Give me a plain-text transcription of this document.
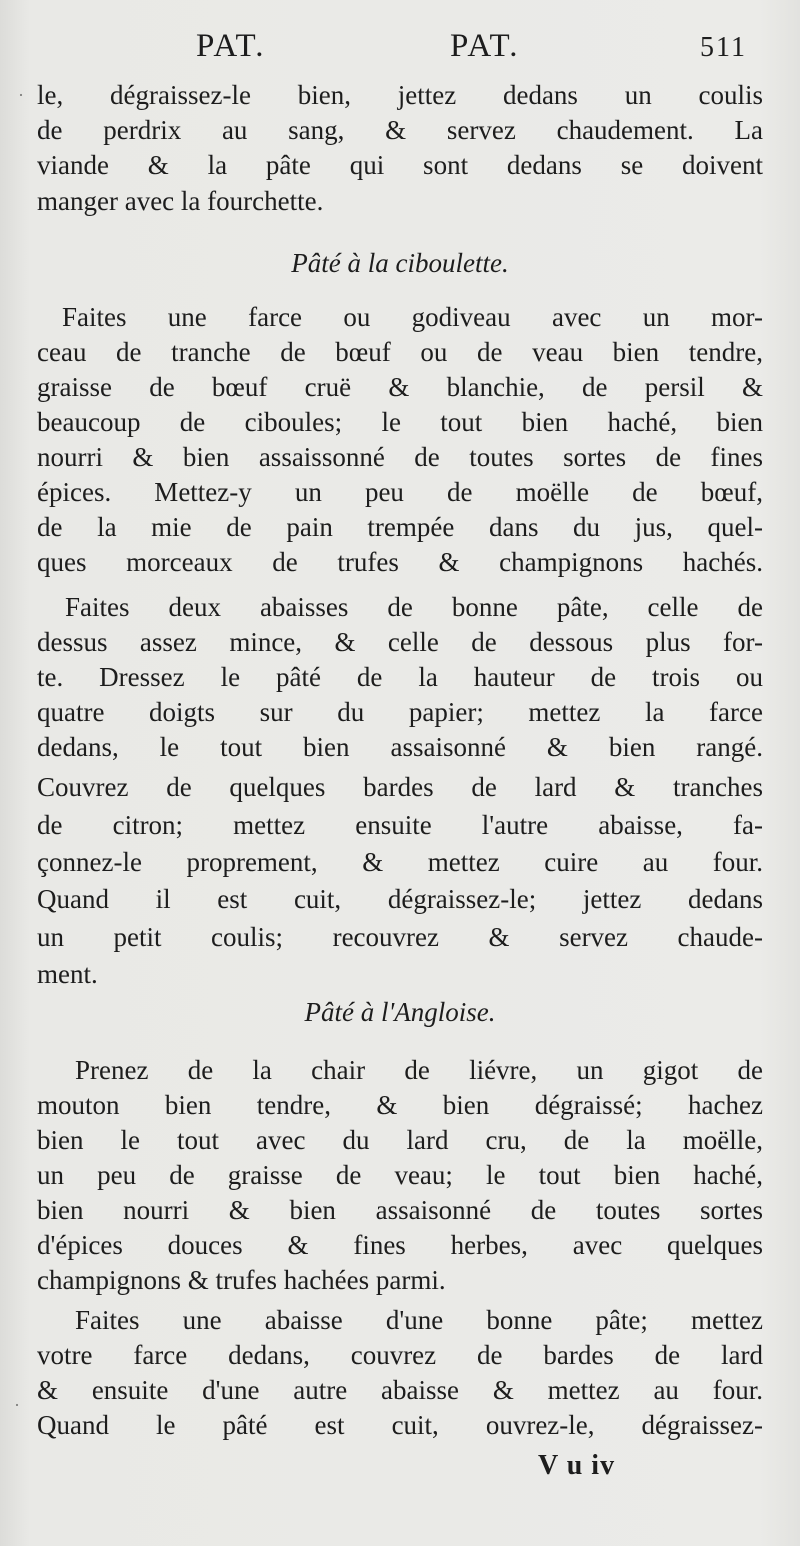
PAT.	PAT.	511
le, dégraissez-le bien, jettez dedans un coulis
de perdrix au sang, & servez chaudement. La
viande & la pâte qui sont dedans se doivent
manger avec la fourchette.
Pâté à la ciboulette.
Faites une farce ou godiveau avec un mor-
ceau de tranche de bœuf ou de veau bien tendre,
graisse de bœuf cruë & blanchie, de persil &
beaucoup de ciboules; le tout bien haché, bien
nourri & bien assaissonné de toutes sortes de fines
épices. Mettez-y un peu de moëlle de bœuf,
de la mie de pain trempée dans du jus, quel-
ques morceaux de trufes & champignons hachés.
Faites deux abaisses de bonne pâte, celle de
dessus assez mince, & celle de dessous plus for-
te. Dressez le pâté de la hauteur de trois ou
quatre doigts sur du papier; mettez la farce
dedans, le tout bien assaisonné & bien rangé.
Couvrez de quelques bardes de lard & tranches
de citron; mettez ensuite l'autre abaisse, fa-
çonnez-le proprement, & mettez cuire au four.
Quand il est cuit, dégraissez-le; jettez dedans
un petit coulis; recouvrez & servez chaude-
ment.
Pâté à l'Angloise.
Prenez de la chair de liévre, un gigot de
mouton bien tendre, & bien dégraissé; hachez
bien le tout avec du lard cru, de la moëlle,
un peu de graisse de veau; le tout bien haché,
bien nourri & bien assaisonné de toutes sortes
d'épices douces & fines herbes, avec quelques
champignons & trufes hachées parmi.
Faites une abaisse d'une bonne pâte; mettez
votre farce dedans, couvrez de bardes de lard
& ensuite d'une autre abaisse & mettez au four.
Quand le pâté est cuit, ouvrez-le, dégraissez-
V u iv
·
·
